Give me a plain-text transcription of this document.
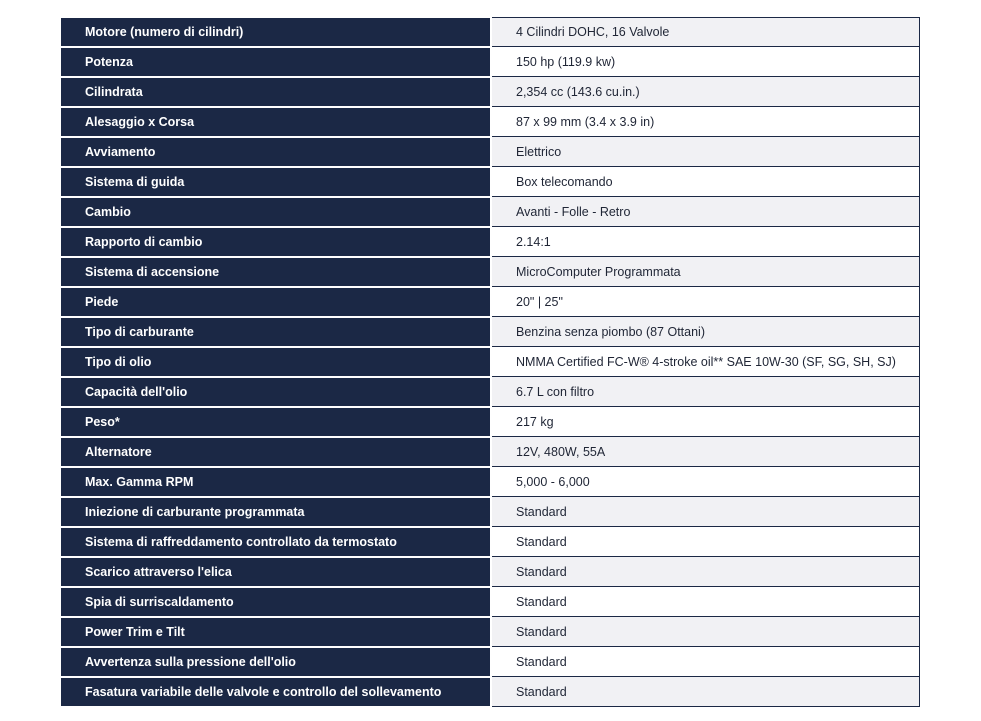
Motore (numero di cilindri)	4 Cilindri DOHC, 16 Valvole
Potenza	150 hp (119.9 kw)
Cilindrata	2,354 cc (143.6 cu.in.)
Alesaggio x Corsa	87 x 99 mm (3.4 x 3.9 in)
Avviamento	Elettrico
Sistema di guida	Box telecomando
Cambio	Avanti - Folle - Retro
Rapporto di cambio	2.14:1
Sistema di accensione	MicroComputer Programmata
Piede	20" | 25"
Tipo di carburante	Benzina senza piombo (87 Ottani)
Tipo di olio	NMMA Certified FC-W® 4-stroke oil** SAE 10W-30 (SF, SG, SH, SJ)
Capacità dell'olio	6.7 L con filtro
Peso*	217 kg
Alternatore	12V, 480W, 55A
Max. Gamma RPM	5,000 - 6,000
Iniezione di carburante programmata	Standard
Sistema di raffreddamento controllato da termostato	Standard
Scarico attraverso l'elica	Standard
Spia di surriscaldamento	Standard
Power Trim e Tilt	Standard
Avvertenza sulla pressione dell'olio	Standard
Fasatura variabile delle valvole e controllo del sollevamento	Standard
